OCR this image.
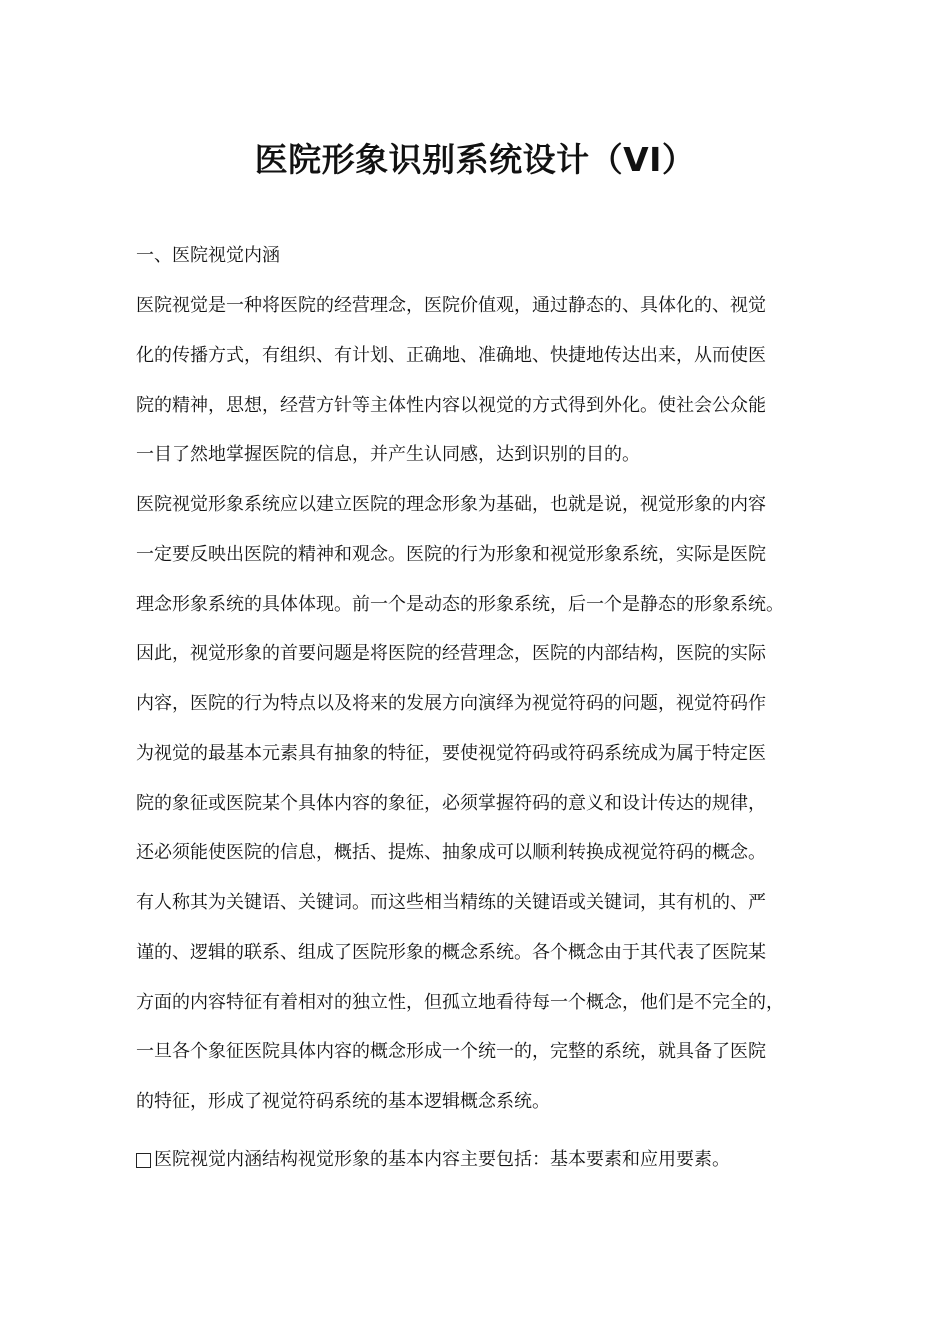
医院形象识别系统设计（VI）
一、医院视觉内涵
医院视觉是一种将医院的经营理念，医院价值观，通过静态的、具体化的、视觉
化的传播方式，有组织、有计划、正确地、准确地、快捷地传达出来，从而使医
院的精神，思想，经营方针等主体性内容以视觉的方式得到外化。使社会公众能
一目了然地掌握医院的信息，并产生认同感，达到识别的目的。
医院视觉形象系统应以建立医院的理念形象为基础，也就是说，视觉形象的内容
一定要反映出医院的精神和观念。医院的行为形象和视觉形象系统，实际是医院
理念形象系统的具体体现。前一个是动态的形象系统，后一个是静态的形象系统。
因此，视觉形象的首要问题是将医院的经营理念，医院的内部结构，医院的实际
内容，医院的行为特点以及将来的发展方向演绎为视觉符码的问题，视觉符码作
为视觉的最基本元素具有抽象的特征，要使视觉符码或符码系统成为属于特定医
院的象征或医院某个具体内容的象征，必须掌握符码的意义和设计传达的规律，
还必须能使医院的信息，概括、提炼、抽象成可以顺利转换成视觉符码的概念。
有人称其为关键语、关键词。而这些相当精练的关键语或关键词，其有机的、严
谨的、逻辑的联系、组成了医院形象的概念系统。各个概念由于其代表了医院某
方面的内容特征有着相对的独立性，但孤立地看待每一个概念，他们是不完全的，
一旦各个象征医院具体内容的概念形成一个统一的，完整的系统，就具备了医院
的特征，形成了视觉符码系统的基本逻辑概念系统。
医院视觉内涵结构视觉形象的基本内容主要包括：基本要素和应用要素。
